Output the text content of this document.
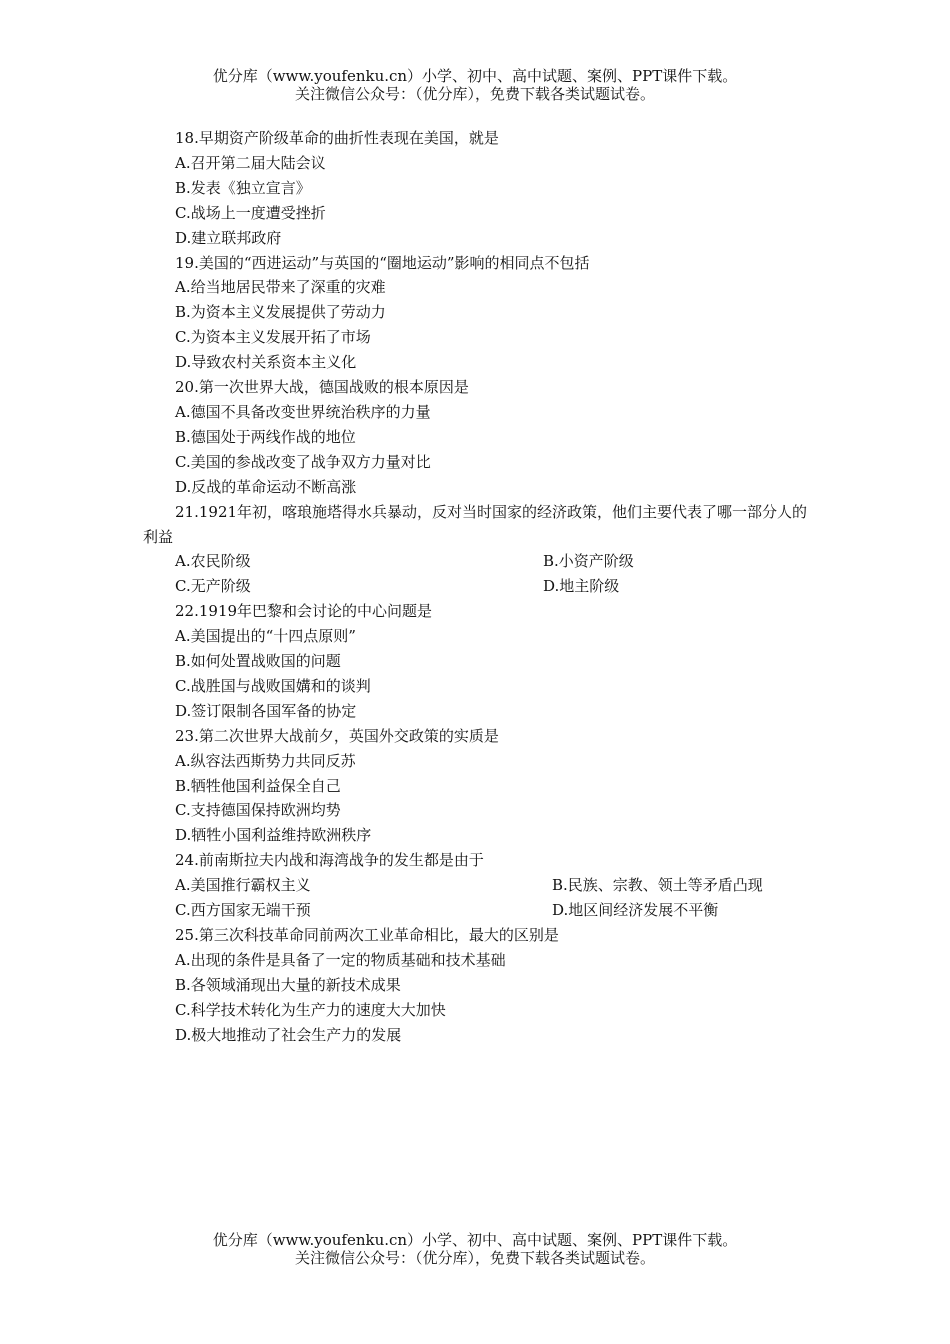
优分库（www.youfenku.cn）小学、初中、高中试题、案例、PPT课件下载。
关注微信公众号：（优分库），免费下载各类试题试卷。
18.早期资产阶级革命的曲折性表现在美国，就是
A.召开第二届大陆会议
B.发表《独立宣言》
C.战场上一度遭受挫折
D.建立联邦政府
19.美国的“西进运动”与英国的“圈地运动”影响的相同点不包括
A.给当地居民带来了深重的灾难
B.为资本主义发展提供了劳动力
C.为资本主义发展开拓了市场
D.导致农村关系资本主义化
20.第一次世界大战，德国战败的根本原因是
A.德国不具备改变世界统治秩序的力量
B.德国处于两线作战的地位
C.美国的参战改变了战争双方力量对比
D.反战的革命运动不断高涨
21.1921年初，喀琅施塔得水兵暴动，反对当时国家的经济政策，他们主要代表了哪一部分人的利益
A.农民阶级	B.小资产阶级
C.无产阶级	D.地主阶级
22.1919年巴黎和会讨论的中心问题是
A.美国提出的“十四点原则”
B.如何处置战败国的问题
C.战胜国与战败国媾和的谈判
D.签订限制各国军备的协定
23.第二次世界大战前夕，英国外交政策的实质是
A.纵容法西斯势力共同反苏
B.牺牲他国利益保全自己
C.支持德国保持欧洲均势
D.牺牲小国利益维持欧洲秩序
24.前南斯拉夫内战和海湾战争的发生都是由于
A.美国推行霸权主义	B.民族、宗教、领土等矛盾凸现
C.西方国家无端干预	D.地区间经济发展不平衡
25.第三次科技革命同前两次工业革命相比，最大的区别是
A.出现的条件是具备了一定的物质基础和技术基础
B.各领域涌现出大量的新技术成果
C.科学技术转化为生产力的速度大大加快
D.极大地推动了社会生产力的发展
优分库（www.youfenku.cn）小学、初中、高中试题、案例、PPT课件下载。
关注微信公众号：（优分库），免费下载各类试题试卷。
